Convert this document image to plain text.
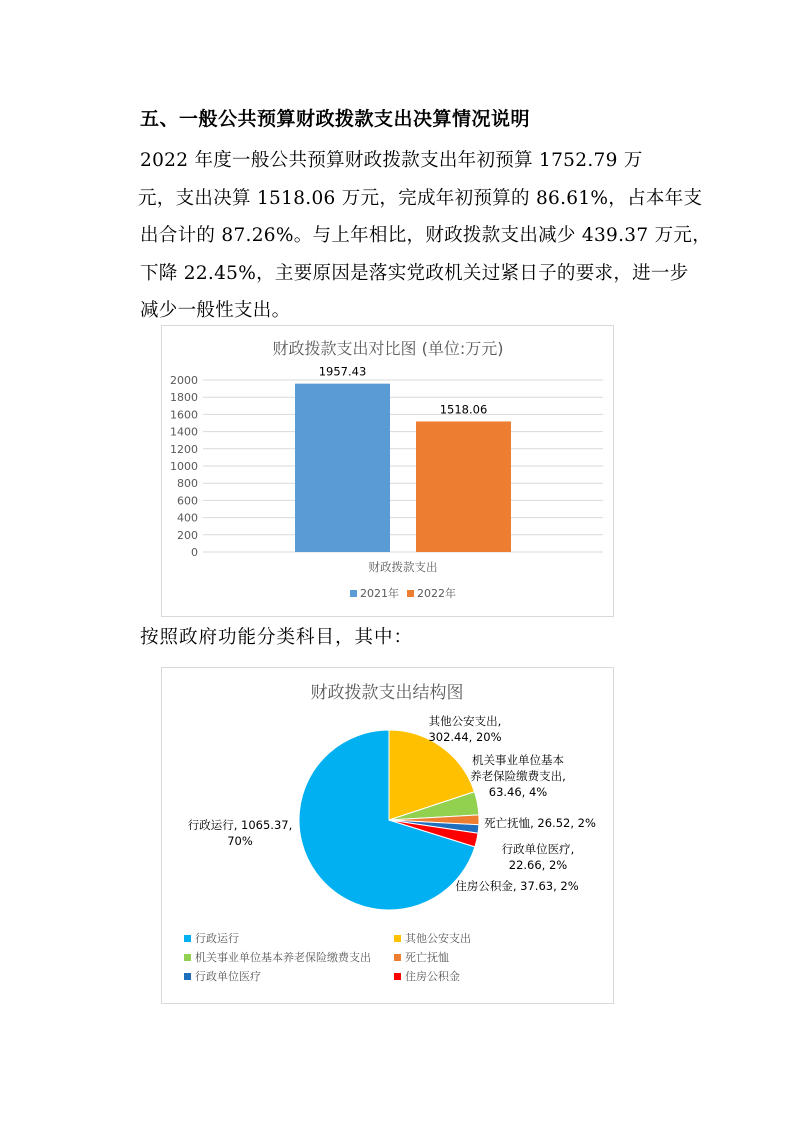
五、一般公共预算财政拨款支出决算情况说明
2022 年度一般公共预算财政拨款支出年初预算 1752.79 万
元，支出决算 1518.06 万元，完成年初预算的 86.61%，占本年支
出合计的 87.26%。与上年相比，财政拨款支出减少 439.37 万元，
下降 22.45%，主要原因是落实党政机关过紧日子的要求，进一步
减少一般性支出。
财政拨款支出对比图 (单位:万元)
0
200
400
600
800
1000
1200
1400
1600
1800
2000
1957.43
1518.06
财政拨款支出
2021年 2022年
按照政府功能分类科目，其中：
财政拨款支出结构图
行政运行, 1065.37,
70%
其他公安支出,
302.44, 20%
机关事业单位基本
养老保险缴费支出,
63.46, 4%
死亡抚恤, 26.52, 2%
行政单位医疗,
22.66, 2%
住房公积金, 37.63, 2%
行政运行	其他公安支出
机关事业单位基本养老保险缴费支出	死亡抚恤
行政单位医疗	住房公积金
